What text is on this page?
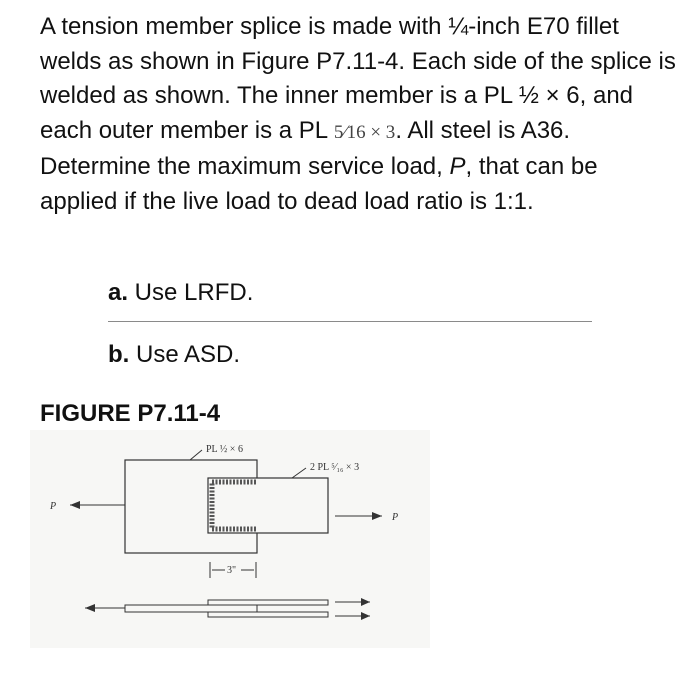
A tension member splice is made with ¼-inch E70 fillet welds as shown in Figure P7.11-4. Each side of the splice is welded as shown. The inner member is a PL ½ × 6, and each outer member is a PL 5⁄16 × 3. All steel is A36. Determine the maximum service load, P, that can be applied if the live load to dead load ratio is 1:1.

a. Use LRFD.
b. Use ASD.
FIGURE P7.11-4
PL ½ × 6
2 PL ⁵⁄₁₆ × 3
P
P
3"
